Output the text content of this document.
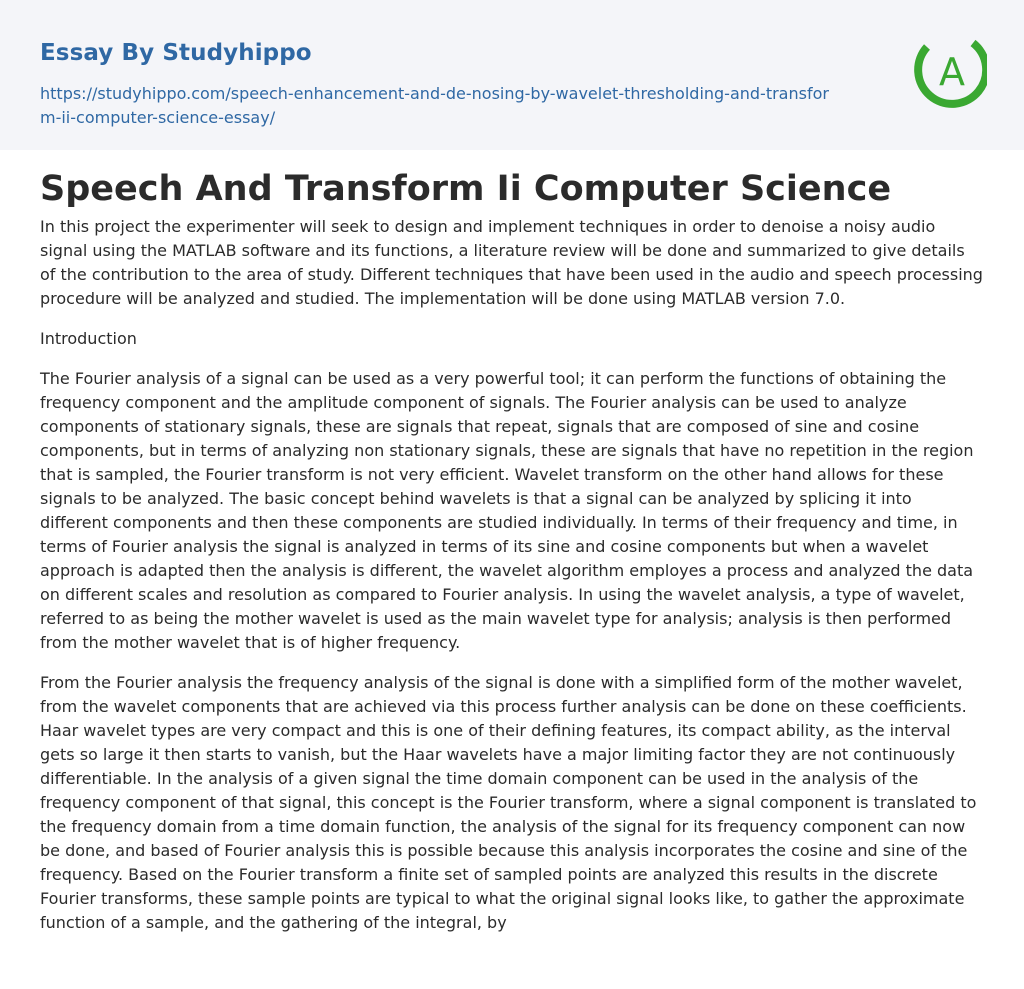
Essay By Studyhippo
https://studyhippo.com/speech-enhancement-and-de-nosing-by-wavelet-thresholding-and-transform-ii-computer-science-essay/
A
Speech And Transform Ii Computer Science

In this project the experimenter will seek to design and implement techniques in order to denoise a noisy audio signal using the MATLAB software and its functions, a literature review will be done and summarized to give details of the contribution to the area of study. Different techniques that have been used in the audio and speech processing procedure will be analyzed and studied. The implementation will be done using MATLAB version 7.0.

Introduction

The Fourier analysis of a signal can be used as a very powerful tool; it can perform the functions of obtaining the frequency component and the amplitude component of signals. The Fourier analysis can be used to analyze components of stationary signals, these are signals that repeat, signals that are composed of sine and cosine components, but in terms of analyzing non stationary signals, these are signals that have no repetition in the region that is sampled, the Fourier transform is not very efficient. Wavelet transform on the other hand allows for these signals to be analyzed. The basic concept behind wavelets is that a signal can be analyzed by splicing it into different components and then these components are studied individually. In terms of their frequency and time, in terms of Fourier analysis the signal is analyzed in terms of its sine and cosine components but when a wavelet approach is adapted then the analysis is different, the wavelet algorithm employes a process and analyzed the data on different scales and resolution as compared to Fourier analysis. In using the wavelet analysis, a type of wavelet, referred to as being the mother wavelet is used as the main wavelet type for analysis; analysis is then performed from the mother wavelet that is of higher frequency.

From the Fourier analysis the frequency analysis of the signal is done with a simplified form of the mother wavelet, from the wavelet components that are achieved via this process further analysis can be done on these coefficients. Haar wavelet types are very compact and this is one of their defining features, its compact ability, as the interval gets so large it then starts to vanish, but the Haar wavelets have a major limiting factor they are not continuously differentiable. In the analysis of a given signal the time domain component can be used in the analysis of the frequency component of that signal, this concept is the Fourier transform, where a signal component is translated to the frequency domain from a time domain function, the analysis of the signal for its frequency component can now be done, and based of Fourier analysis this is possible because this analysis incorporates the cosine and sine of the frequency. Based on the Fourier transform a finite set of sampled points are analyzed this results in the discrete Fourier transforms, these sample points are typical to what the original signal looks like, to gather the approximate function of a sample, and the gathering of the integral, by
